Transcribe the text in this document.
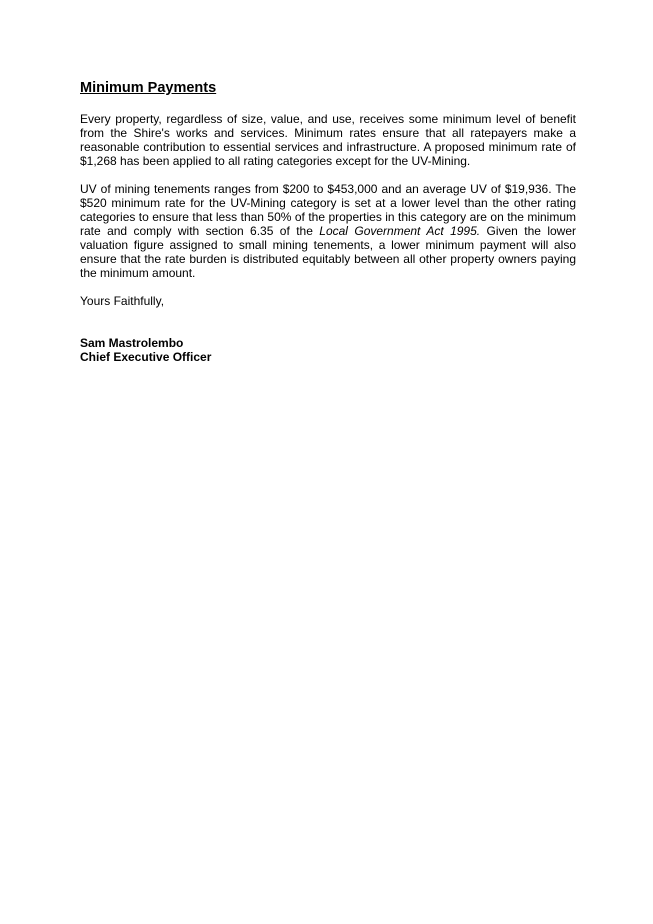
Minimum Payments

Every property, regardless of size, value, and use, receives some minimum level of benefit from the Shire's works and services. Minimum rates ensure that all ratepayers make a reasonable contribution to essential services and infrastructure. A proposed minimum rate of $1,268 has been applied to all rating categories except for the UV-Mining.

UV of mining tenements ranges from $200 to $453,000 and an average UV of $19,936. The $520 minimum rate for the UV-Mining category is set at a lower level than the other rating categories to ensure that less than 50% of the properties in this category are on the minimum rate and comply with section 6.35 of the Local Government Act 1995. Given the lower valuation figure assigned to small mining tenements, a lower minimum payment will also ensure that the rate burden is distributed equitably between all other property owners paying the minimum amount.

Yours Faithfully,

Sam Mastrolembo

Chief Executive Officer
